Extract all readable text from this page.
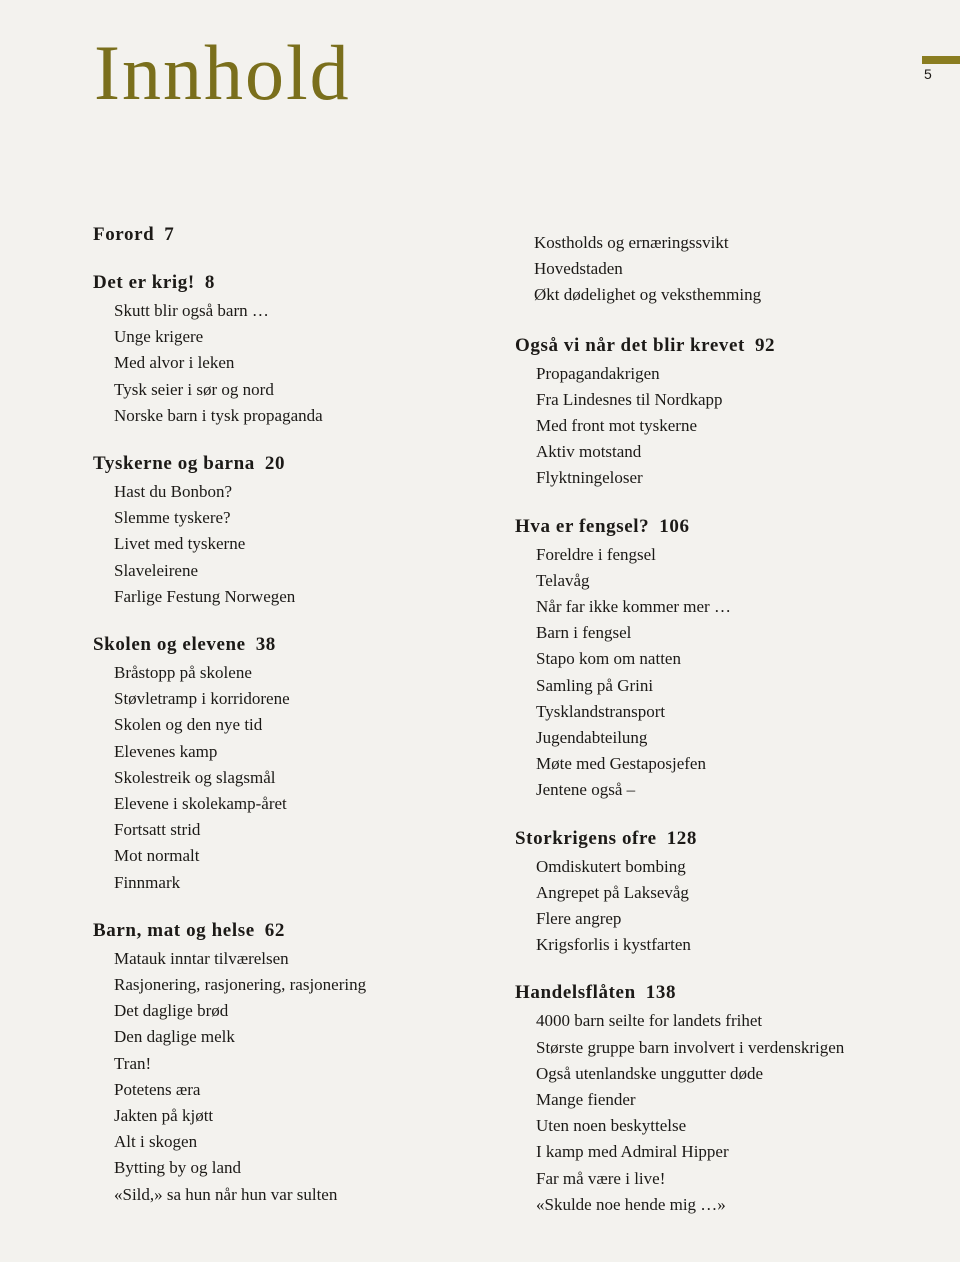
Innhold	5
Forord 7
Det er krig! 8
Skutt blir også barn …
Unge krigere
Med alvor i leken
Tysk seier i sør og nord
Norske barn i tysk propaganda
Tyskerne og barna 20
Hast du Bonbon?
Slemme tyskere?
Livet med tyskerne
Slaveleirene
Farlige Festung Norwegen
Skolen og elevene 38
Bråstopp på skolene
Støvletramp i korridorene
Skolen og den nye tid
Elevenes kamp
Skolestreik og slagsmål
Elevene i skolekamp-året
Fortsatt strid
Mot normalt
Finnmark
Barn, mat og helse 62
Matauk inntar tilværelsen
Rasjonering, rasjonering, rasjonering
Det daglige brød
Den daglige melk
Tran!
Potetens æra
Jakten på kjøtt
Alt i skogen
Bytting by og land
«Sild,» sa hun når hun var sulten
Kostholds og ernæringssvikt
Hovedstaden
Økt dødelighet og veksthemming
Også vi når det blir krevet 92
Propagandakrigen
Fra Lindesnes til Nordkapp
Med front mot tyskerne
Aktiv motstand
Flyktningeloser
Hva er fengsel? 106
Foreldre i fengsel
Telavåg
Når far ikke kommer mer …
Barn i fengsel
Stapo kom om natten
Samling på Grini
Tysklandstransport
Jugendabteilung
Møte med Gestaposjefen
Jentene også –
Storkrigens ofre 128
Omdiskutert bombing
Angrepet på Laksevåg
Flere angrep
Krigsforlis i kystfarten
Handelsflåten 138
4000 barn seilte for landets frihet
Største gruppe barn involvert i verdenskrigen
Også utenlandske unggutter døde
Mange fiender
Uten noen beskyttelse
I kamp med Admiral Hipper
Far må være i live!
«Skulde noe hende mig …»
